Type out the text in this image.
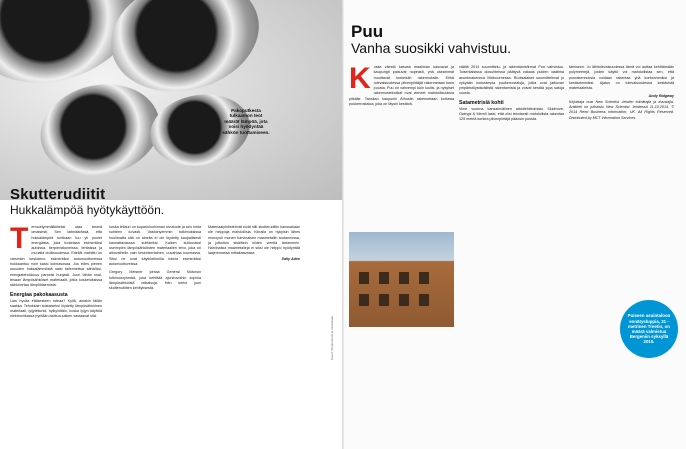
Pakoputkesta tulkaamon teot määrät lämpöä, jota voisi hyödyntää sähkön tuottamiseen.
Skutterudiitit
Hukkalämpöä hyötykäyttöön.
T ermoelymmälkiikeksi otaa ämmä omaisesti. Sen laitmäärässä, että hukkalämpöä tuntkaan tuu yli puolet energiasta, joka tuotetaan esimerkiksi autoissa, tierpienakoneissa, tehtaissa ja muualla teollisuudessa. Edelläi mainittu on varsinkin keskiarvo; esimerkiksi automoottoreissa hukkaantuu noin kaksi kolmasosaa. Jos edes pienen osuuden hukkalämmöstä saisi tallennettua sähköksi, energiatehokkuus paranisi huojasti. Juuri tähän osal-tesaan lämpösähköiset materiaalit, jotka kosketuksissa sähkövirtaa lämpötilaeroista.
Energiaa pakokaasusta
Lian hyväa etäisesteen toteaa? Kyllä, ainakin tällän saakka. Tehokkain toistaiseksi löydetty lämpösähköinen materiaali, lyijytelluridi, hylkyinttäin, koska lyijyn käyttöä elektroniikassa pyritään aiottua kaiken vastaavat sitä.
koska teilauri on kuparinlouhinnan sivutuote ja sen hinta suhteen kovasti. Vastoinyemmin tutkimuksissa huolimatta sitä on aineita ei ole löydetty kaupallisesti kannattavasssa sulfideiksi. Kaiken kukkuraksi useimpien lämpösähköisten materiaalien teho, joka on alkuvaiheiin vain keskinkertainen, uuvahtaa kuumassa. Siksi ne ovat käyttöelinoilla toimia esimerkiksi automoottoreissa.
Gregory Meisner johtaa General Motorsin tutkimusryhmää, joka kehittää ajoneuvoihin sopivia lämpösähköisiä ratkaisuja. Hän kertoi juuri skutterudiitien kehityksestä.
Materiaalyhdistelmät eivät silti skutterudiitin kanssakaan ole helppoja mahdollisia. Kiinalla on nykyisin lähes monopoli monen harvinaisen maametallin tuotannossa, ja jotkutkin sisäiltein niiden vientiä tarkemmin. Harvinaisia maametalleja ei siksi ole helppo hyödyntää laajemmassa mittakaavassa.
Sally Adee
Kuvat: Shutterstock ja valmistajat
Puu
Vanha suosikki vahvistuu.
K oska väestö kasvaa maailman kasvavat ja kaupungit paisuvat nopeasti, yhä useammat muuttavat korkeisiin rakennuksiin. Ehkä tulevaisuudessa pilvenpiirtäjät rakennetaan tosin puusta. Puu on vahvempi kuin luulisi, ja nykyiset rakennustekniikat ovat vieneet mahdollisuuksia pitkälle. Tanskan kaupunki Arhusiin rakennetaan korkeaa puukerrostaloa, joka on täysin kestävä.
väällä 2014 suunnittelu- ja rakentamisfirmat Puu vahvistuu. Toisenlaisissa olosuhteissa päätyvä vakaus puiden vaatima asuntorakennus Melbournessa. Ruotsalaiset suunnittelevat jo nykyään korkeampia puukerrostaloja, jotka ovat jatkuvan ympäristöystävällistä rakentamista ja voivat kestää jopa satoja vuosia.
Satametrisiä kohti
Vime vuonna kansainvälinen arkkitehtitoimisto Skidmore, Owings & Merrill laski, että olisi teknisesti mahdollista rakentaa 125 metriä korkea pilvenpiirtäjä pääosin puusta.
tämiseen. Jo lähitulevaisuudessa tämä voi auttaa kehittämään polymeerejä, joiden käyttö voi mahdollistaa sen, että puurakennuksia voidaan rakentaa yhä korkeammiksi ja kestävämmiksi. Ajatus on tulevaisuudessa kestävistä materiaaleista.
Andy Ridgway
Kirjoittaja ovat New Scientist -lehden toimittajia ja avustajia. Artikkeli on julkaistu New Scientist -lehdessä 11.10.2014. © 2014 Reed Business Information, UK. All Rights Reserved. Distributed by MCT Information Services.
Puiseen asuintaloon ennätysluppia, 31 -metrinen Treetin, on määrä valmistua Bergeniin syksyllä 2015.
